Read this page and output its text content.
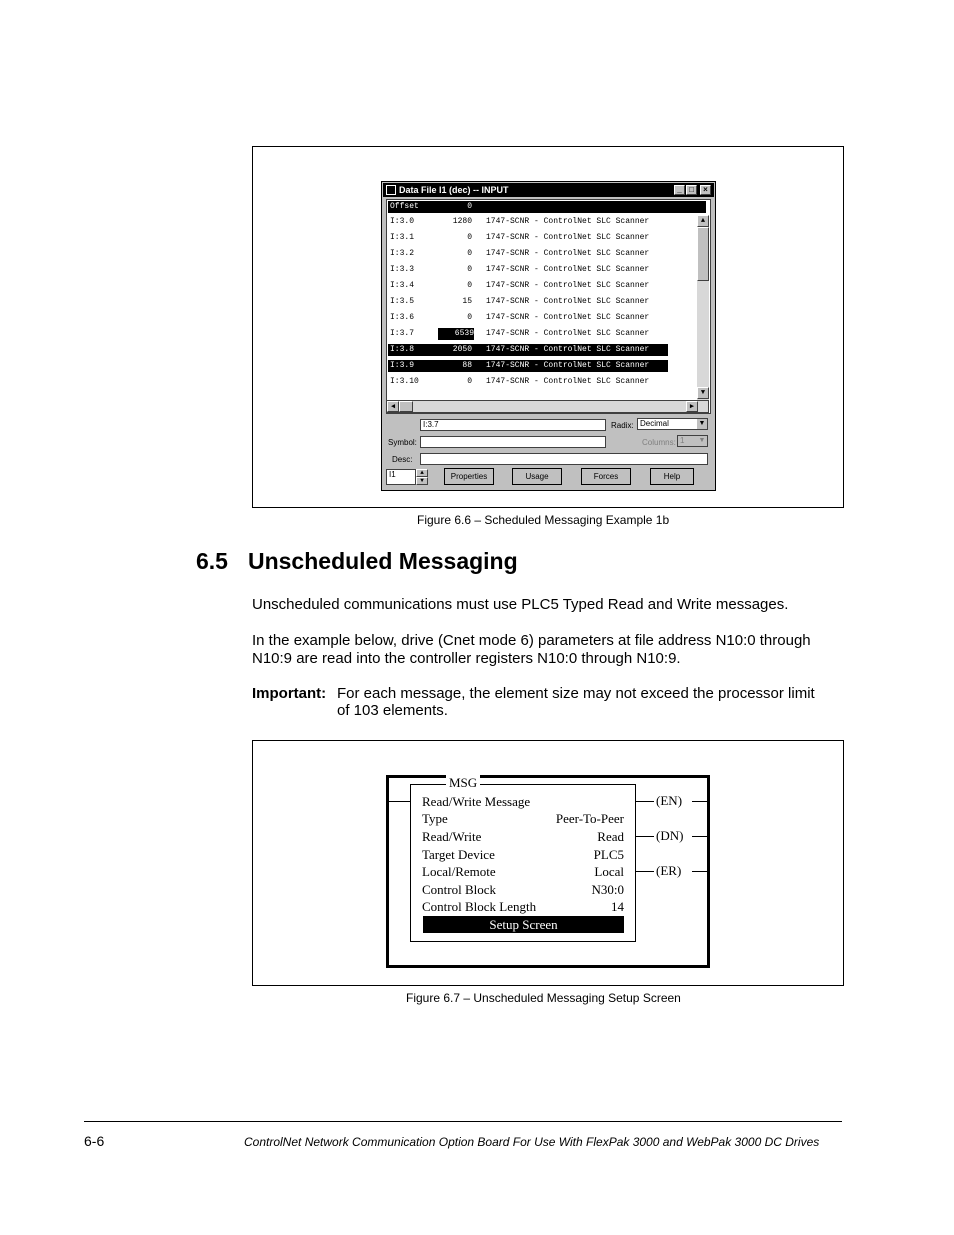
Data File I1 (dec) -- INPUT	_ □	×
Offset	0
I:3.0	1280 1747-SCNR - ControlNet SLC Scanner
I:3.1	0 1747-SCNR - ControlNet SLC Scanner
I:3.2	0 1747-SCNR - ControlNet SLC Scanner
I:3.3	0 1747-SCNR - ControlNet SLC Scanner
I:3.4	0 1747-SCNR - ControlNet SLC Scanner
I:3.5	15 1747-SCNR - ControlNet SLC Scanner
I:3.6	0 1747-SCNR - ControlNet SLC Scanner
I:3.7	6539 1747-SCNR - ControlNet SLC Scanner
I:3.8	2050 1747-SCNR - ControlNet SLC Scanner
I:3.9	88 1747-SCNR - ControlNet SLC Scanner
I:3.10	0 1747-SCNR - ControlNet SLC Scanner
▲
▼
◀	▶
I:3.7	Radix: Decimal	▼
Symbol:	Columns: 1 ▼
Desc:
I1	▲
▼	Properties	Usage	Forces	Help
Figure 6.6 – Scheduled Messaging Example 1b
6.5 Unscheduled Messaging
Unscheduled communications must use PLC5 Typed Read and Write messages.
In the example below, drive (Cnet mode 6) parameters at file address N10:0 through
N10:9 are read into the controller registers N10:0 through N10:9.
Important: For each message, the element size may not exceed the processor limit
of 103 elements.
MSG
Read/Write Message
Type	Peer-To-Peer
Read/Write	Read
Target Device	PLC5
Local/Remote	Local
Control Block	N30:0
Control Block Length	14
Setup Screen
(EN)
(DN)
(ER)
Figure 6.7 – Unscheduled Messaging Setup Screen
6-6	ControlNet Network Communication Option Board For Use With FlexPak 3000 and WebPak 3000 DC Drives
